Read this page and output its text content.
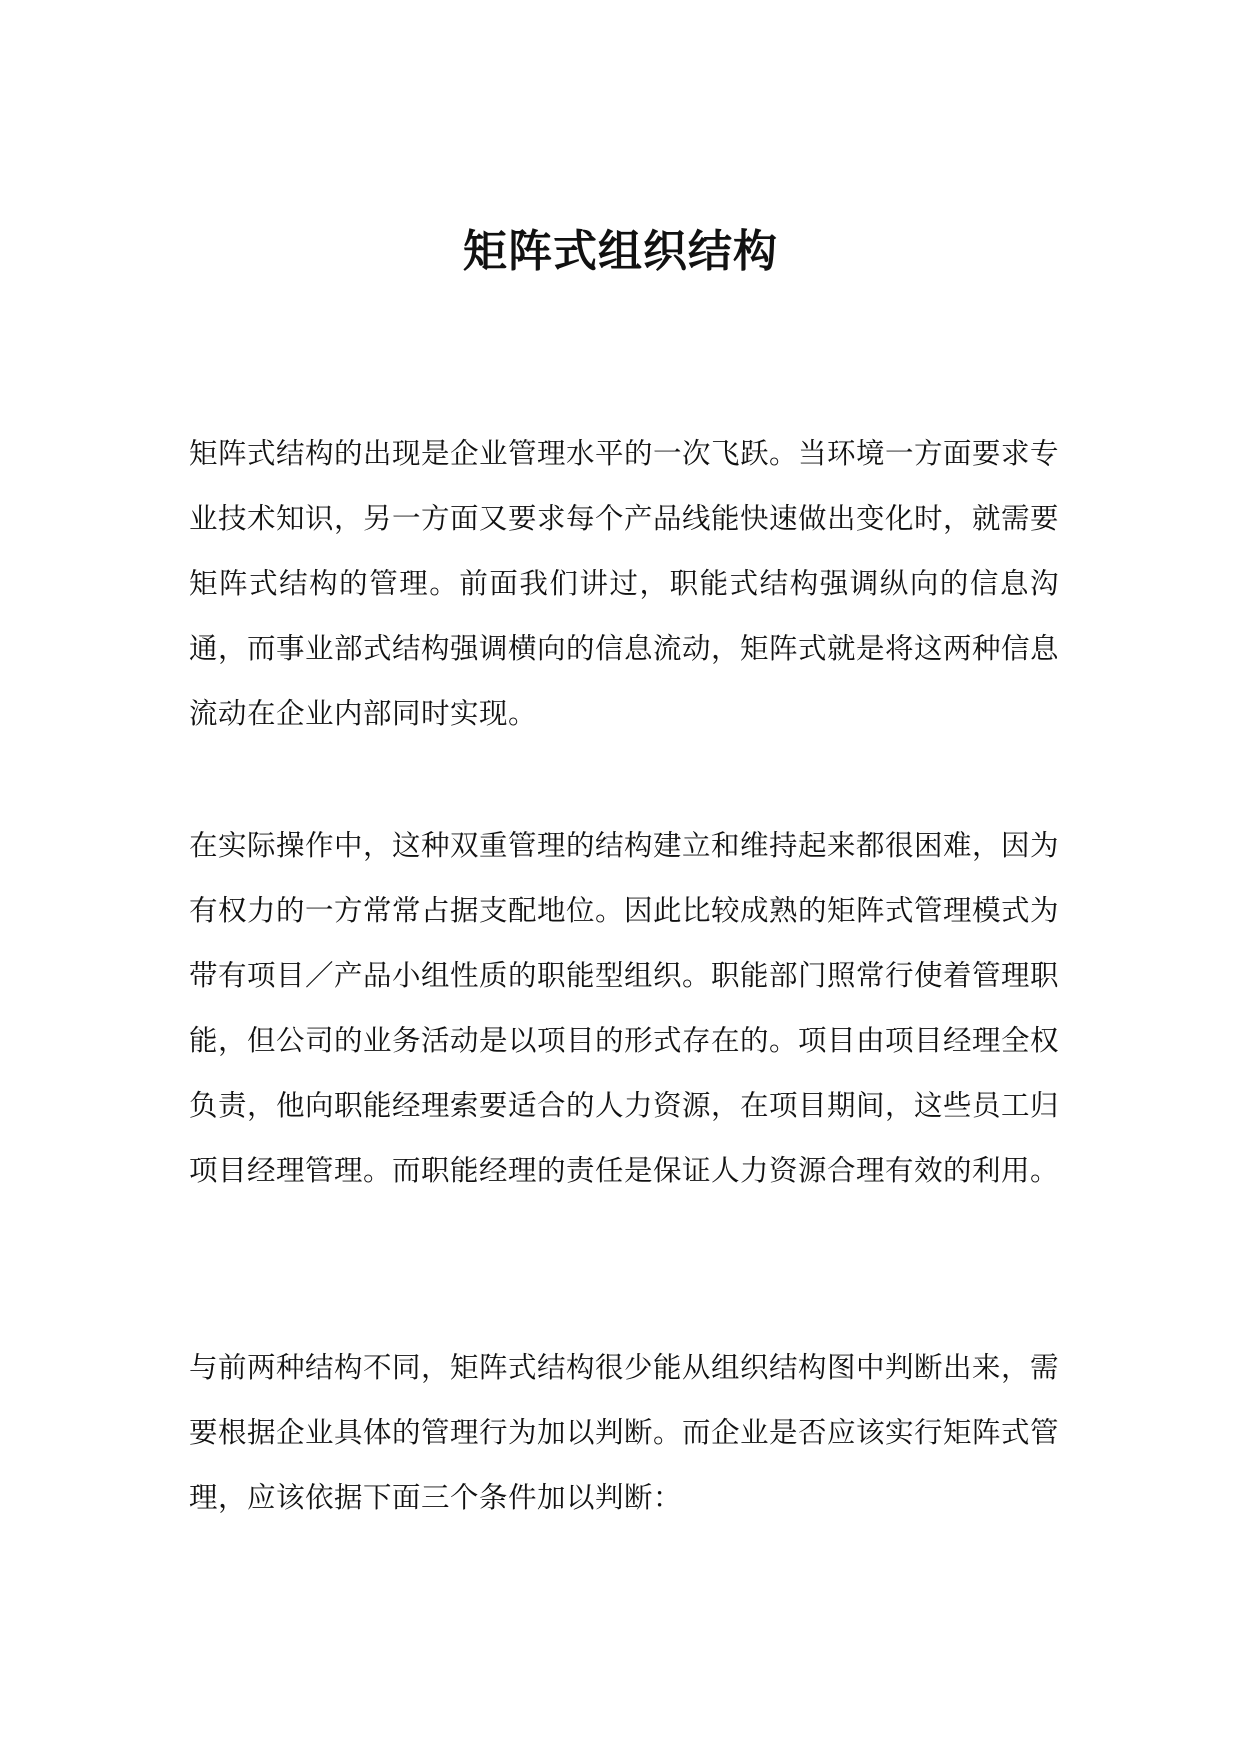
矩阵式组织结构

矩阵式结构的出现是企业管理水平的一次飞跃。当环境一方面要求专业技术知识，另一方面又要求每个产品线能快速做出变化时，就需要矩阵式结构的管理。前面我们讲过，职能式结构强调纵向的信息沟通，而事业部式结构强调横向的信息流动，矩阵式就是将这两种信息流动在企业内部同时实现。

在实际操作中，这种双重管理的结构建立和维持起来都很困难，因为有权力的一方常常占据支配地位。因此比较成熟的矩阵式管理模式为带有项目／产品小组性质的职能型组织。职能部门照常行使着管理职能，但公司的业务活动是以项目的形式存在的。项目由项目经理全权负责，他向职能经理索要适合的人力资源，在项目期间，这些员工归项目经理管理。而职能经理的责任是保证人力资源合理有效的利用。

与前两种结构不同，矩阵式结构很少能从组织结构图中判断出来，需要根据企业具体的管理行为加以判断。而企业是否应该实行矩阵式管理，应该依据下面三个条件加以判断：
